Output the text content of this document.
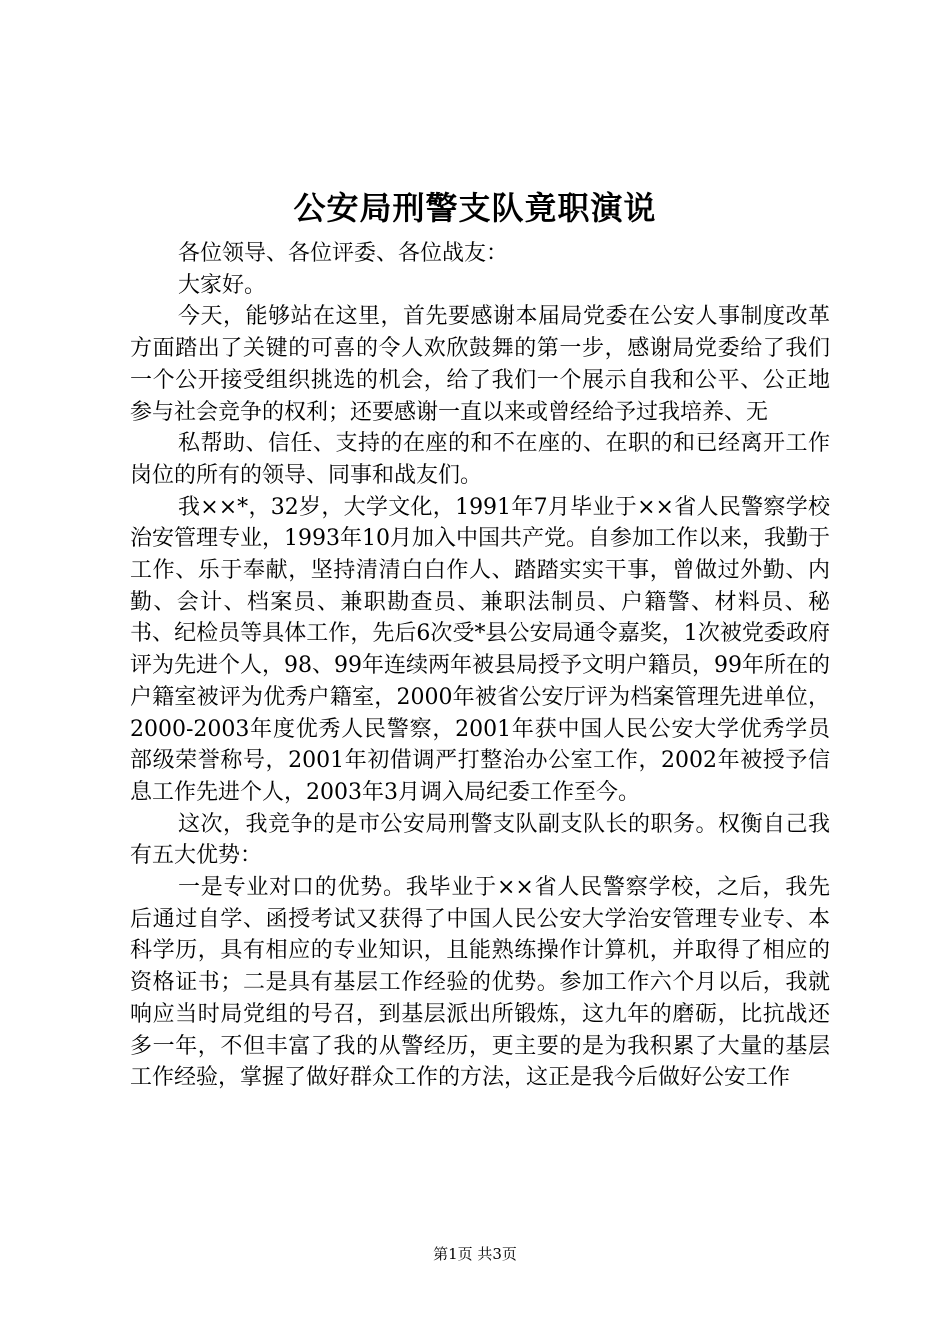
公安局刑警支队竟职演说

各位领导、各位评委、各位战友：

大家好。

今天，能够站在这里，首先要感谢本届局党委在公安人事制度改革方面踏出了关键的可喜的令人欢欣鼓舞的第一步，感谢局党委给了我们一个公开接受组织挑选的机会，给了我们一个展示自我和公平、公正地参与社会竞争的权利；还要感谢一直以来或曾经给予过我培养、无

私帮助、信任、支持的在座的和不在座的、在职的和已经离开工作岗位的所有的领导、同事和战友们。

我××*，32岁，大学文化，1991年7月毕业于××省人民警察学校治安管理专业，1993年10月加入中国共产党。自参加工作以来，我勤于工作、乐于奉献，坚持清清白白作人、踏踏实实干事，曾做过外勤、内勤、会计、档案员、兼职勘查员、兼职法制员、户籍警、材料员、秘书、纪检员等具体工作，先后6次受*县公安局通令嘉奖，1次被党委政府评为先进个人，98、99年连续两年被县局授予文明户籍员，99年所在的户籍室被评为优秀户籍室，2000年被省公安厅评为档案管理先进单位，2000-2003年度优秀人民警察，2001年获中国人民公安大学优秀学员部级荣誉称号，2001年初借调严打整治办公室工作，2002年被授予信息工作先进个人，2003年3月调入局纪委工作至今。

这次，我竞争的是市公安局刑警支队副支队长的职务。权衡自己我有五大优势：

一是专业对口的优势。我毕业于××省人民警察学校，之后，我先后通过自学、函授考试又获得了中国人民公安大学治安管理专业专、本科学历，具有相应的专业知识，且能熟练操作计算机，并取得了相应的资格证书；二是具有基层工作经验的优势。参加工作六个月以后，我就响应当时局党组的号召，到基层派出所锻炼，这九年的磨砺，比抗战还多一年，不但丰富了我的从警经历，更主要的是为我积累了大量的基层工作经验，掌握了做好群众工作的方法，这正是我今后做好公安工作

第1页 共3页
